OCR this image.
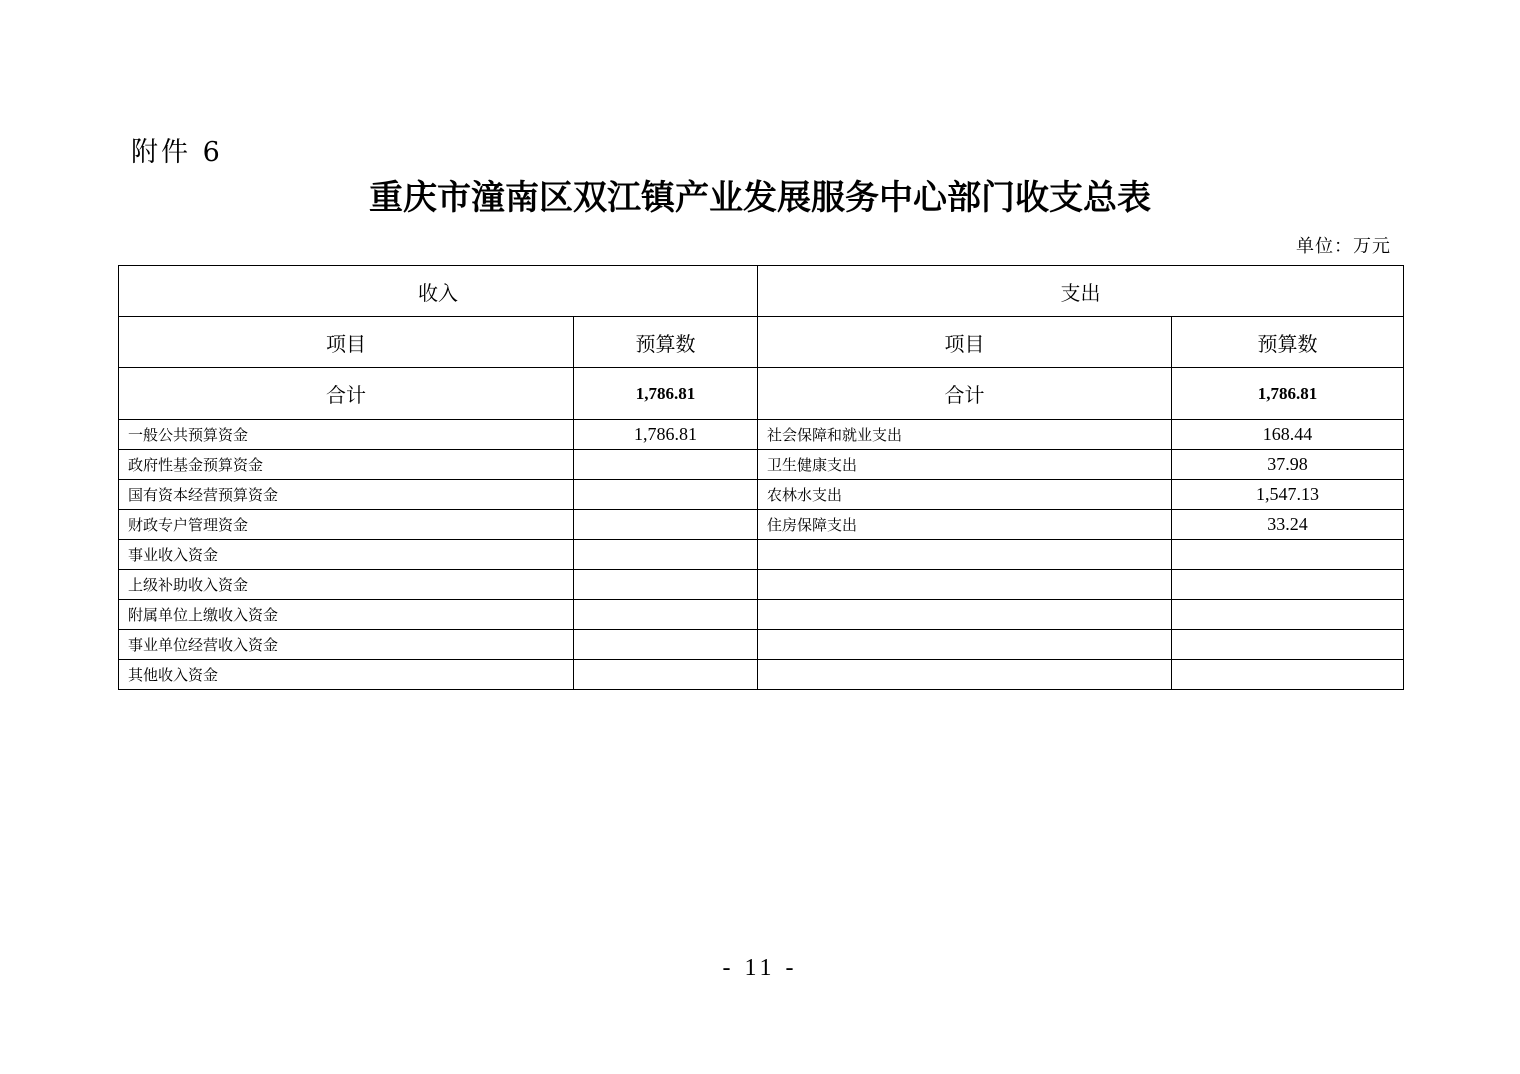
附件 6
重庆市潼南区双江镇产业发展服务中心部门收支总表
单位：万元
收入		支出	
项目	预算数	项目	预算数
合计	1,786.81	合计	1,786.81
一般公共预算资金	1,786.81	社会保障和就业支出	168.44
政府性基金预算资金		卫生健康支出	37.98
国有资本经营预算资金		农林水支出	1,547.13
财政专户管理资金		住房保障支出	33.24
事业收入资金			
上级补助收入资金			
附属单位上缴收入资金			
事业单位经营收入资金			
其他收入资金			
- 11 -
